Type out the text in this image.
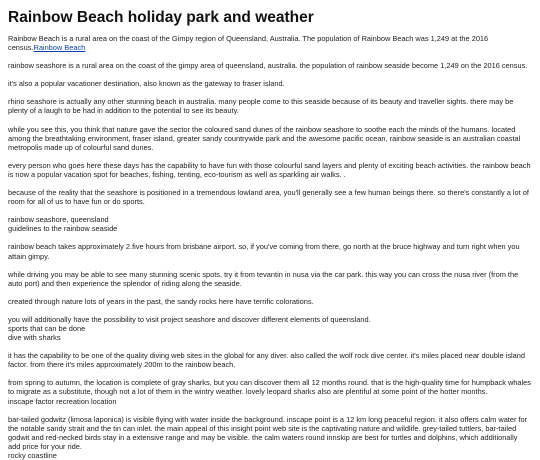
Rainbow Beach holiday park and weather

Rainbow Beach is a rural area on the coast of the Gimpy region of Queensland, Australia. The population of Rainbow Beach was 1,249 at the 2016 census.Rainbow Beach

rainbow seashore is a rural area on the coast of the gimpy area of queensland, australia. the population of rainbow seaside become 1,249 on the 2016 census.

it's also a popular vacationer destination, also known as the gateway to fraser island.

rhino seashore is actually any other stunning beach in australia. many people come to this seaside because of its beauty and traveller sights. there may be plenty of a laugh to be had in addition to the potential to see its beauty.

while you see this, you think that nature gave the sector the coloured sand dunes of the rainbow seashore to soothe each the minds of the humans. located among the breathtaking environment, fraser island, greater sandy countrywide park and the awesome pacific ocean, rainbow seaside is an australian coastal metropolis made up of colourful sand dunes.

every person who goes here these days has the capability to have fun with those colourful sand layers and plenty of exciting beach activities. the rainbow beach is now a popular vacation spot for beaches, fishing, tenting, eco-tourism as well as sparkling air walks. .

because of the reality that the seashore is positioned in a tremendous lowland area, you'll generally see a few human beings there. so there's constantly a lot of room for all of us to have fun or do sports.

rainbow seashore, queensland
guidelines to the rainbow seaside

rainbow beach takes approximately 2.five hours from brisbane airport. so, if you've coming from there, go north at the bruce highway and turn right when you attain gimpy.

while driving you may be able to see many stunning scenic spots. try it from tevantin in nusa via the car park. this way you can cross the nusa river (from the auto port) and then experience the splendor of riding along the seaside.

created through nature lots of years in the past, the sandy rocks here have terrific colorations.

you will additionally have the possibility to visit project seashore and discover different elements of queensland.
sports that can be done
dive with sharks

it has the capability to be one of the quality diving web sites in the global for any diver. also called the wolf rock dive center. it's miles placed near double island factor. from there it's miles approximately 200m to the rainbow beach.

from spring to autumn, the location is complete of gray sharks, but you can discover them all 12 months round. that is the high-quality time for humpback whales to migrate as a substitute, though not a lot of them in the wintry weather. lovely leopard sharks also are plentiful at some point of the hotter months.
inscape factor recreation location

bar-tailed godwitz (limosa laponica) is visible flying with water inside the background. inscape point is a 12 km long peaceful region. it also offers calm water for the notable sandy strait and the tin can inlet. the main appeal of this insight point web site is the captivating nature and wildlife. grey-tailed tuttlers, bar-tailed godwit and red-necked birds stay in a extensive range and may be visible. the calm waters round innskip are best for turtles and dolphins, which additionally add price for your ride.
rocky coastline
